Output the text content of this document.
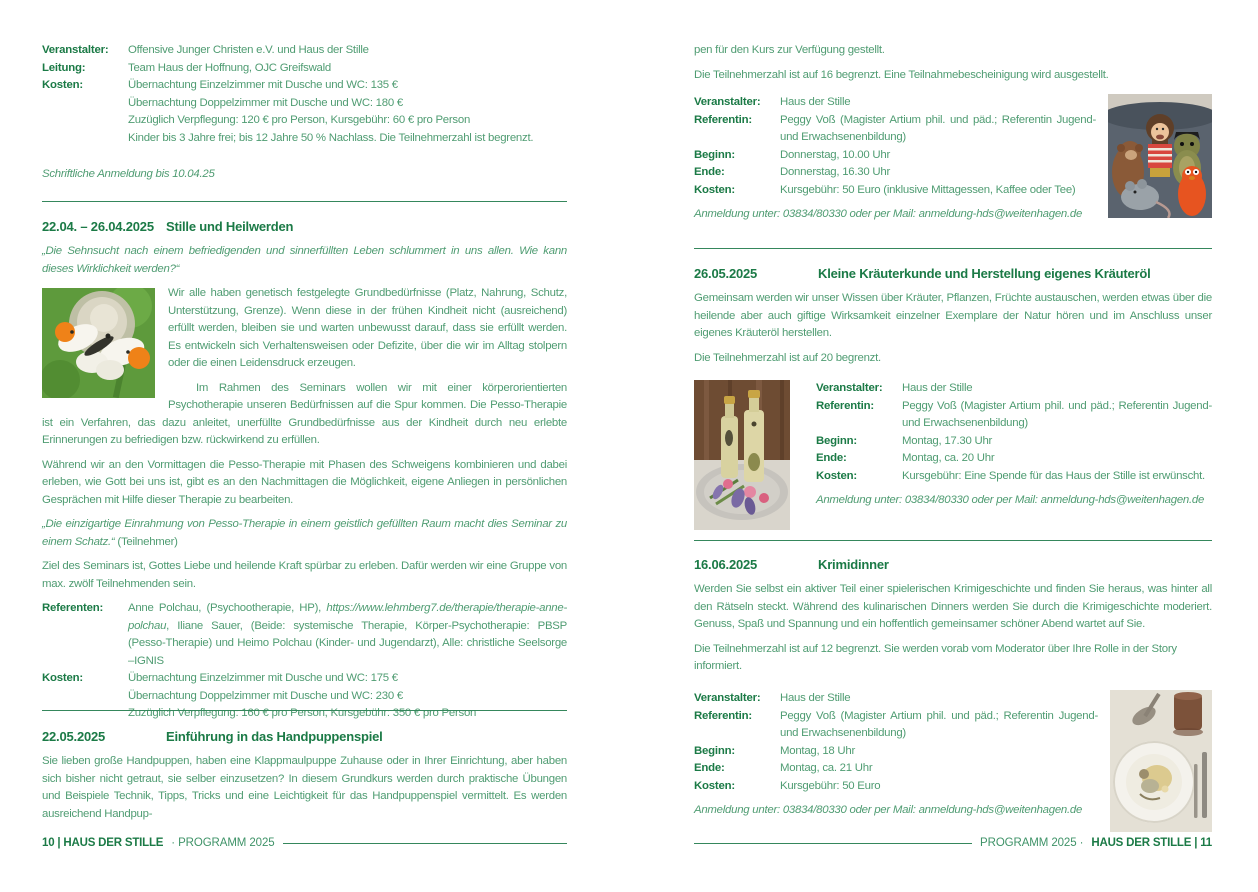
Veranstalter:	Offensive Junger Christen e.V. und Haus der Stille
Leitung:	Team Haus der Hoffnung, OJC Greifswald
Kosten:	Übernachtung Einzelzimmer mit Dusche und WC: 135 €
Übernachtung Doppelzimmer mit Dusche und WC: 180 €
Zuzüglich Verpflegung: 120 € pro Person, Kursgebühr: 60 € pro Person
Kinder bis 3 Jahre frei; bis 12 Jahre 50 % Nachlass. Die Teilnehmerzahl ist begrenzt.
Schriftliche Anmeldung bis 10.04.25
22.04. – 26.04.2025 Stille und Heilwerden

„Die Sehnsucht nach einem befriedigenden und sinnerfüllten Leben schlummert in uns allen. Wie kann dieses Wirklichkeit werden?“

Wir alle haben genetisch festgelegte Grundbedürfnisse (Platz, Nahrung, Schutz, Unterstützung, Grenze). Wenn diese in der frühen Kindheit nicht (ausreichend) erfüllt werden, bleiben sie und warten unbewusst darauf, dass sie erfüllt werden. Es entwickeln sich Verhaltensweisen oder Defizite, über die wir im Alltag stolpern oder die einen Leidensdruck erzeugen.

Im Rahmen des Seminars wollen wir mit einer körperorientierten Psychotherapie unseren Bedürfnissen auf die Spur kommen. Die Pesso-Therapie ist ein Verfahren, das dazu anleitet, unerfüllte Grundbedürfnisse aus der Kindheit durch neu erlebte Erinnerungen zu befriedigen bzw. rückwirkend zu erfüllen.

Während wir an den Vormittagen die Pesso-Therapie mit Phasen des Schweigens kombinieren und dabei erleben, wie Gott bei uns ist, gibt es an den Nachmittagen die Möglichkeit, eigene Anliegen in persönlichen Gesprächen mit Hilfe dieser Therapie zu bearbeiten.

„Die einzigartige Einrahmung von Pesso-Therapie in einem geistlich gefüllten Raum macht dies Seminar zu einem Schatz.“ (Teilnehmer)

Ziel des Seminars ist, Gottes Liebe und heilende Kraft spürbar zu erleben. Dafür werden wir eine Gruppe von max. zwölf Teilnehmenden sein.

Referenten:	Anne Polchau, (Psychootherapie, HP), https://www.lehmberg7.de/therapie/therapie-anne-polchau, Iliane Sauer, (Beide: systemische Therapie, Körper-Psychotherapie: PBSP (Pesso-Therapie) und Heimo Polchau (Kinder- und Jugendarzt), Alle: christliche Seelsorge –IGNIS
Kosten:	Übernachtung Einzelzimmer mit Dusche und WC: 175 €
Übernachtung Doppelzimmer mit Dusche und WC: 230 €
Zuzüglich Verpflegung: 160 € pro Person, Kursgebühr: 350 € pro Person
22.05.2025	Einführung in das Handpuppenspiel

Sie lieben große Handpuppen, haben eine Klappmaulpuppe Zuhause oder in Ihrer Einrichtung, aber haben sich bisher nicht getraut, sie selber einzusetzen? In diesem Grundkurs werden durch praktische Übungen und Beispiele Technik, Tipps, Tricks und eine Leichtigkeit für das Handpuppenspiel vermittelt. Es werden ausreichend Handpup-

pen für den Kurs zur Verfügung gestellt.

Die Teilnehmerzahl ist auf 16 begrenzt. Eine Teilnahmebescheinigung wird ausgestellt.

Veranstalter:	Haus der Stille
Referentin:	Peggy Voß (Magister Artium phil. und päd.; Referentin Jugend- und Erwachsenenbildung)
Beginn:	Donnerstag, 10.00 Uhr
Ende:	Donnerstag, 16.30 Uhr
Kosten:	Kursgebühr: 50 Euro (inklusive Mittagessen, Kaffee oder Tee)
Anmeldung unter: 03834/80330 oder per Mail: anmeldung-hds@weitenhagen.de
26.05.2025	Kleine Kräuterkunde und Herstellung eigenes Kräuteröl

Gemeinsam werden wir unser Wissen über Kräuter, Pflanzen, Früchte austauschen, werden etwas über die heilende aber auch giftige Wirksamkeit einzelner Exemplare der Natur hören und im Anschluss unser eigenes Kräuteröl herstellen.

Die Teilnehmerzahl ist auf 20 begrenzt.

Veranstalter:	Haus der Stille
Referentin:	Peggy Voß (Magister Artium phil. und päd.; Referentin Jugend- und Erwachsenenbildung)
Beginn:	Montag, 17.30 Uhr
Ende:	Montag, ca. 20 Uhr
Kosten:	Kursgebühr: Eine Spende für das Haus der Stille ist erwünscht.
Anmeldung unter: 03834/80330 oder per Mail: anmeldung-hds@weitenhagen.de
16.06.2025	Krimidinner

Werden Sie selbst ein aktiver Teil einer spielerischen Krimigeschichte und finden Sie heraus, was hinter all den Rätseln steckt. Während des kulinarischen Dinners werden Sie durch die Krimigeschichte moderiert. Genuss, Spaß und Spannung und ein hoffentlich gemeinsamer schöner Abend wartet auf Sie.

Die Teilnehmerzahl ist auf 12 begrenzt. Sie werden vorab vom Moderator über Ihre Rolle in der Story informiert.

Veranstalter:	Haus der Stille
Referentin:	Peggy Voß (Magister Artium phil. und päd.; Referentin Jugend- und Erwachsenenbildung)
Beginn:	Montag, 18 Uhr
Ende:	Montag, ca. 21 Uhr
Kosten:	Kursgebühr: 50 Euro
Anmeldung unter: 03834/80330 oder per Mail: anmeldung-hds@weitenhagen.de
10 | HAUS DER STILLE · PROGRAMM 2025	PROGRAMM 2025 · HAUS DER STILLE | 11
